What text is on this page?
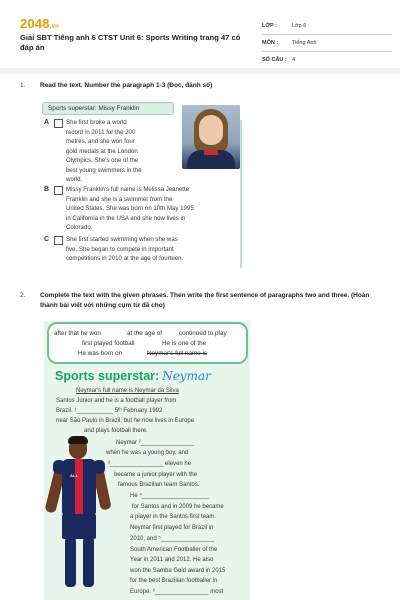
2048.vn
Giải SBT Tiếng anh 6 CTST Unit 6: Sports Writing trang 47 có đáp án
LỚP :	Lớp 6
MÔN :	Tiếng Anh
SỐ CÂU : 4
1. Read the text. Number the paragraph 1-3 (Đọc, đánh số)
Sports superstar: Missy Franklin
A	She first broke a world
record in 2011 for the 200
metres, and she won four
gold medals at the London
Olympics. She's one of the
best young swimmers in the
world.
B	Missy Franklin's full name is Melissa Jeanette
Franklin and she is a swimmer from the
United States. She was born on 10th May 1995
in California in the USA and she now lives in
Colorado.
C	She first started swimming when she was
five. She began to compete in important
competitions in 2010 at the age of fourteen.
2. Complete the text with the given phrases. Then write the first sentence of paragraphs two and three. (Hoàn thành bài viết với những cụm từ đã cho)
after that he won	at the age of	continued to play
first played football	He is one of the
He was born on	Neymar's full name is
Sports superstar: Neymar
Neymar's full name is Neymar da Silva
Santos Júnior and he is a football player from
Brazil. ¹___________ 5ᵗʰ February 1992
near São Paulo in Brazil, but he now lives in Europe
and plays football there.
Neymar ²________________
when he was a young boy, and
³________________ eleven he
became a junior player with the
famous Brazilian team Santos.
He ⁴____________________
for Santos and in 2009 he became
a player in the Santos first team.
Neymar first played for Brazil in
2010, and ⁵________________
South American Footballer of the
Year in 2011 and 2012. He also
won the Samba Gold award in 2015
for the best Brazilian footballer in
Europe. ⁶________________ most
ALL
